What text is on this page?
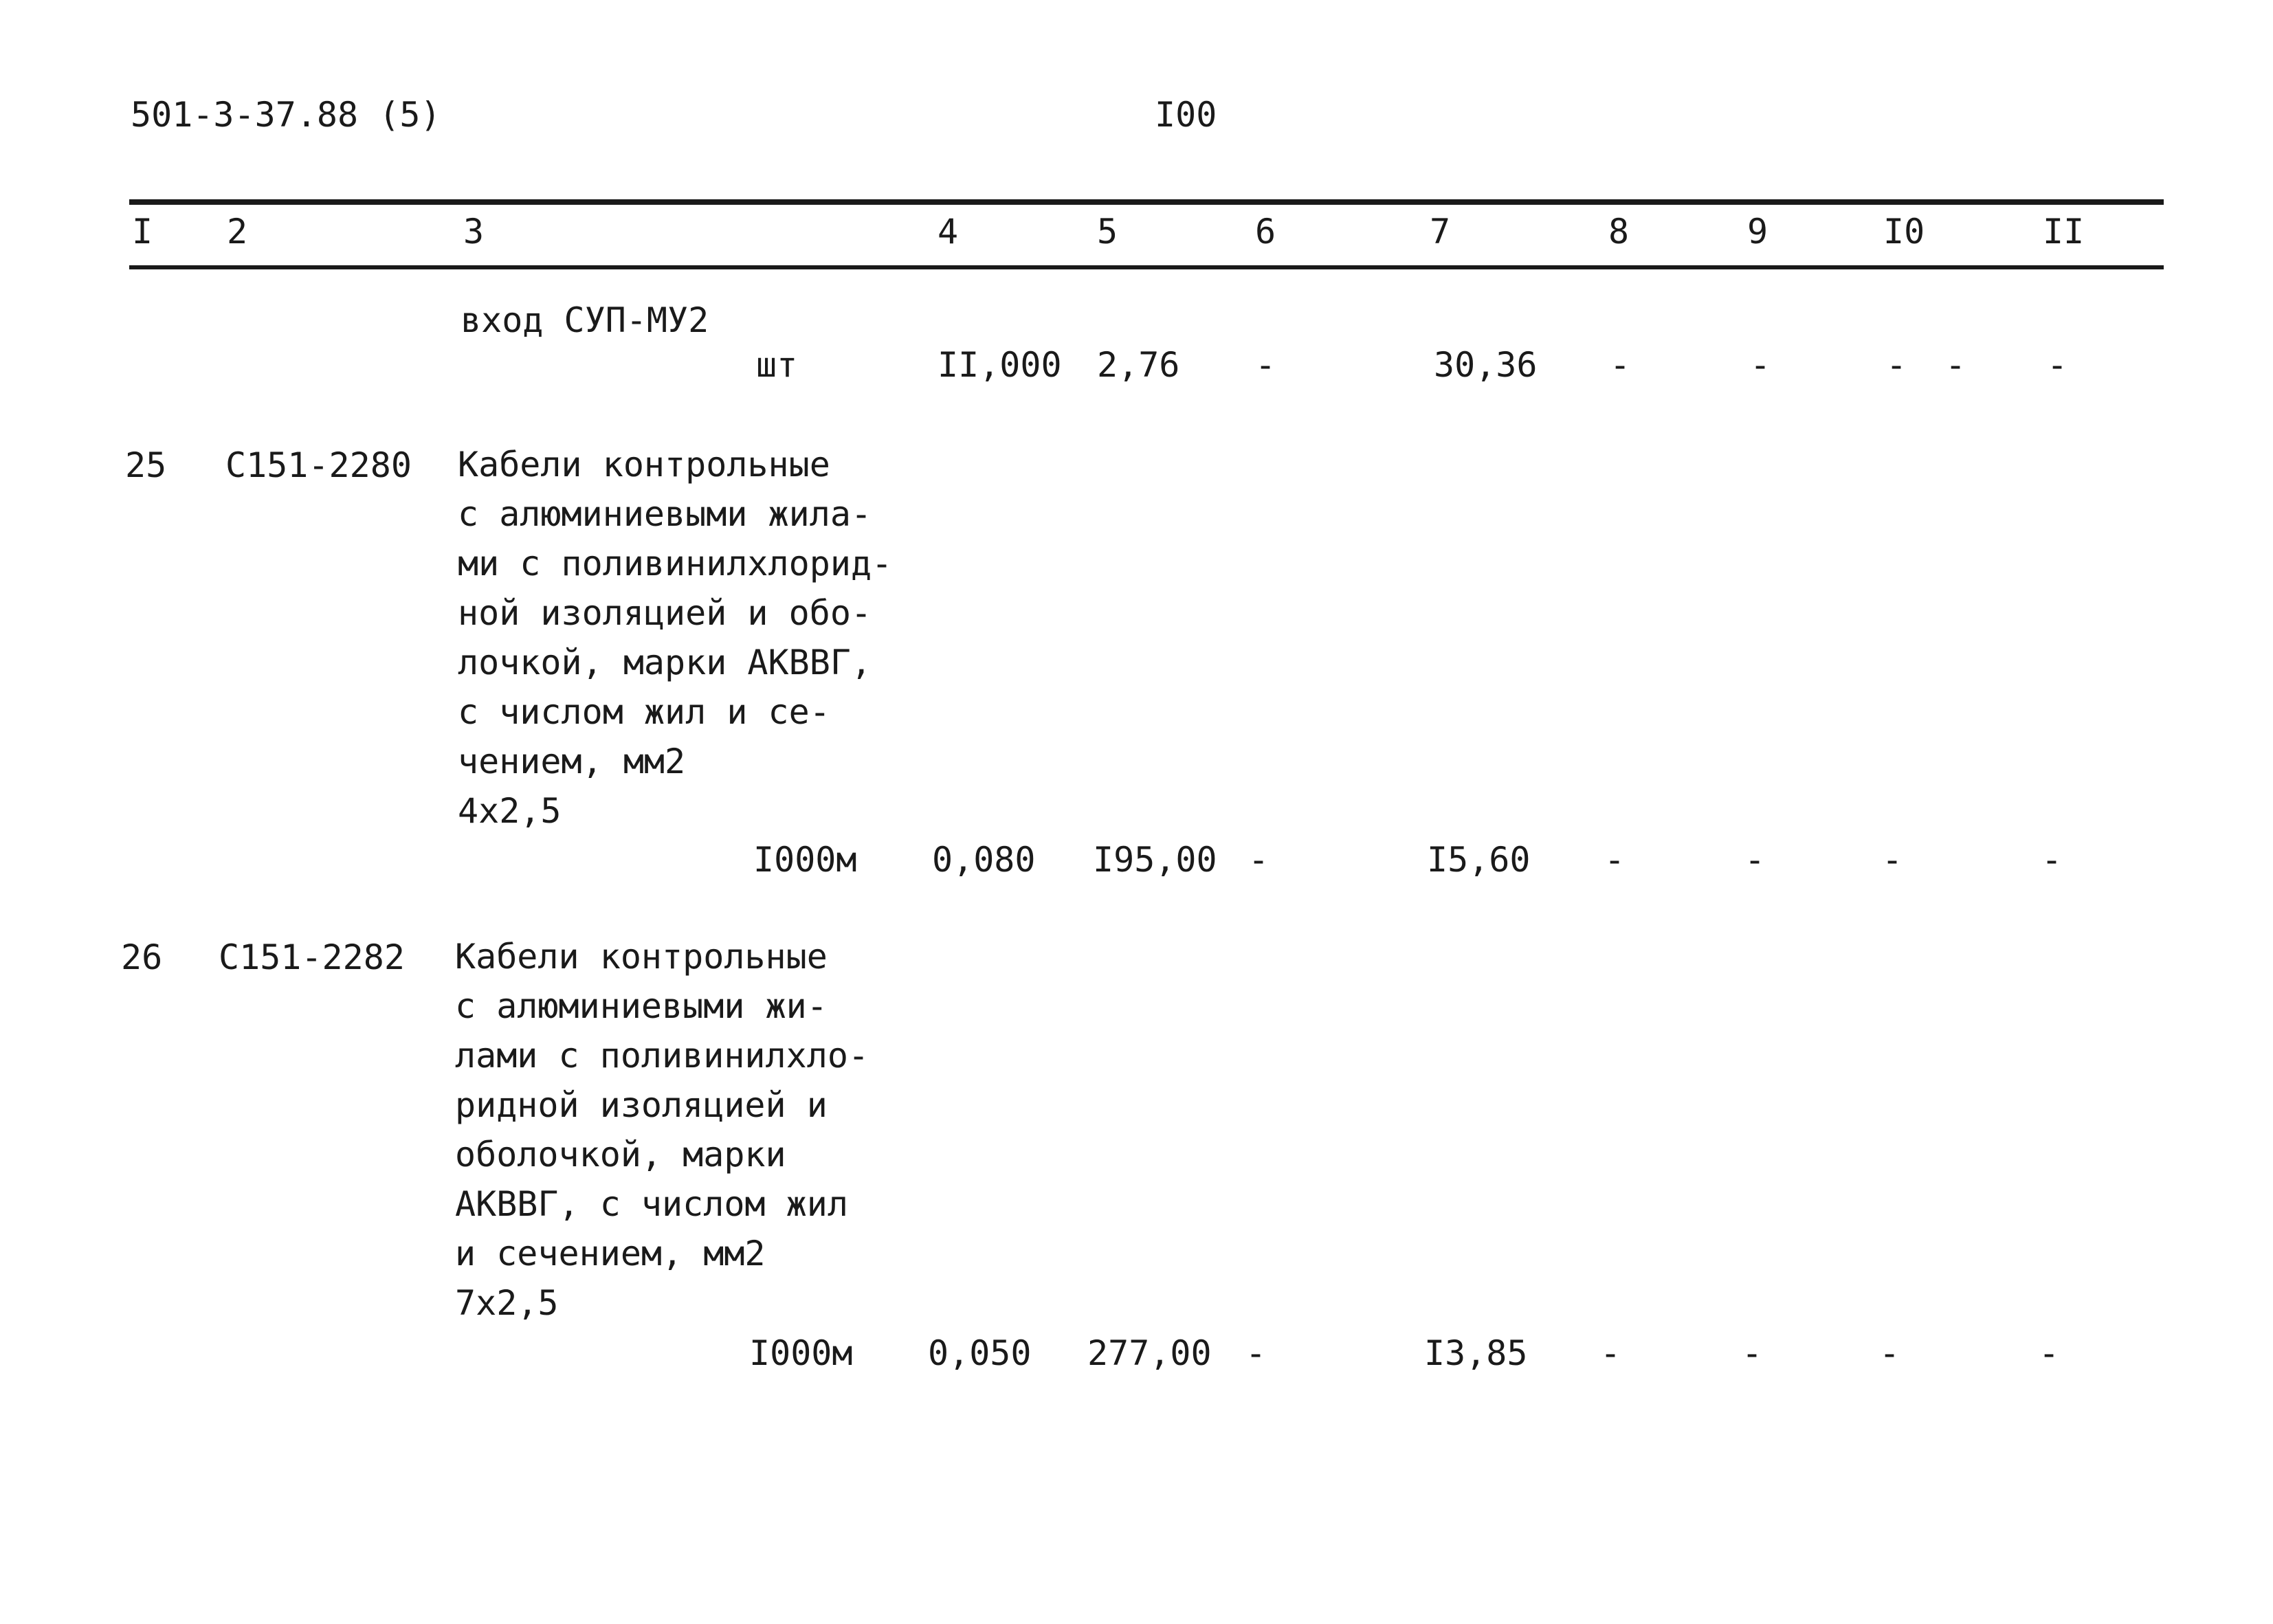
501-3-37.88 (5)	I00
I 2	3	4	5	6	7	8	9	I0	II
вход СУП-МУ2
шт	II,000 2,76 -	30,36 -	-	- - -
25 С151-2280 Кабели контрольные
с алюминиевыми жила-
ми с поливинилхлорид-
ной изоляцией и обо-
лочкой, марки АКВВГ,
с числом жил и се-
чением, мм2
4х2,5
I000м 0,080 I95,00 -	I5,60 -	-	-	-
26 С151-2282 Кабели контрольные
с алюминиевыми жи-
лами с поливинилхло-
ридной изоляцией и
оболочкой, марки
АКВВГ, с числом жил
и сечением, мм2
7х2,5
I000м 0,050 277,00 -	I3,85 -	-	-	-
